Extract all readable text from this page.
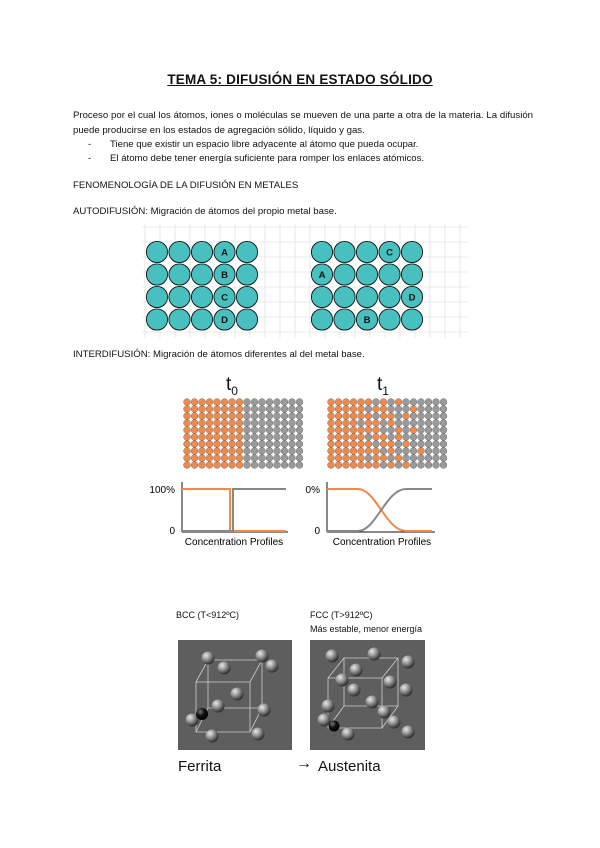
TEMA 5: DIFUSIÓN EN ESTADO SÓLIDO
Proceso por el cual los átomos, iones o moléculas se mueven de una parte a otra de la materia. La difusión puede producirse en los estados de agregación sólido, líquido y gas.
- Tiene que existir un espacio libre adyacente al átomo que pueda ocupar.
- El átomo debe tener energía suficiente para romper los enlaces atómicos.
FENOMENOLOGÍA DE LA DIFUSIÓN EN METALES
AUTODIFUSIÓN: Migración de átomos del propio metal base.
A
B
C
D
C
A
D
B
INTERDIFUSIÓN: Migración de átomos diferentes al del metal base.
$t_0$	$t_1$
100%
0
Concentration Profiles
0%
0
Concentration Profiles
BCC (T<912ºC)	FCC (T>912ºC)
Más estable, menor energía
Ferrita	→ Austenita
